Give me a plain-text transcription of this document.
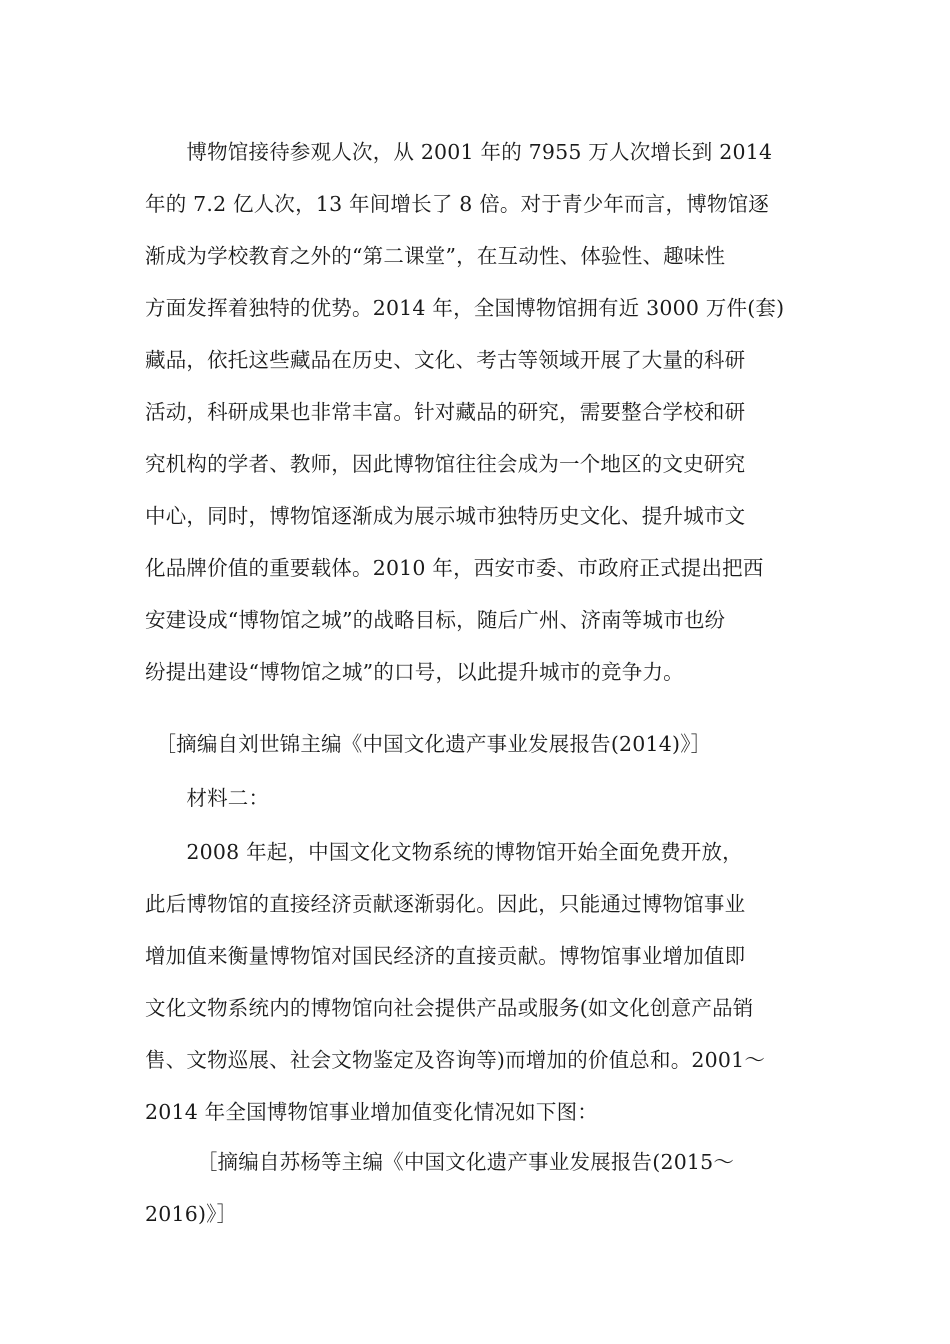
　　博物馆接待参观人次，从 2001 年的 7955 万人次增长到 2014
年的 7.2 亿人次，13 年间增长了 8 倍。对于青少年而言，博物馆逐
渐成为学校教育之外的“第二课堂”，在互动性、体验性、趣味性
方面发挥着独特的优势。2014 年，全国博物馆拥有近 3000 万件(套)
藏品，依托这些藏品在历史、文化、考古等领域开展了大量的科研
活动，科研成果也非常丰富。针对藏品的研究，需要整合学校和研
究机构的学者、教师，因此博物馆往往会成为一个地区的文史研究
中心，同时，博物馆逐渐成为展示城市独特历史文化、提升城市文
化品牌价值的重要载体。2010 年，西安市委、市政府正式提出把西
安建设成“博物馆之城”的战略目标，随后广州、济南等城市也纷
纷提出建设“博物馆之城”的口号，以此提升城市的竞争力。
　［摘编自刘世锦主编《中国文化遗产事业发展报告(2014)》］
　　材料二：
　　2008 年起，中国文化文物系统的博物馆开始全面免费开放，
此后博物馆的直接经济贡献逐渐弱化。因此，只能通过博物馆事业
增加值来衡量博物馆对国民经济的直接贡献。博物馆事业增加值即
文化文物系统内的博物馆向社会提供产品或服务(如文化创意产品销
售、文物巡展、社会文物鉴定及咨询等)而增加的价值总和。2001～
2014 年全国博物馆事业增加值变化情况如下图：
　　　［摘编自苏杨等主编《中国文化遗产事业发展报告(2015～
2016)》］
